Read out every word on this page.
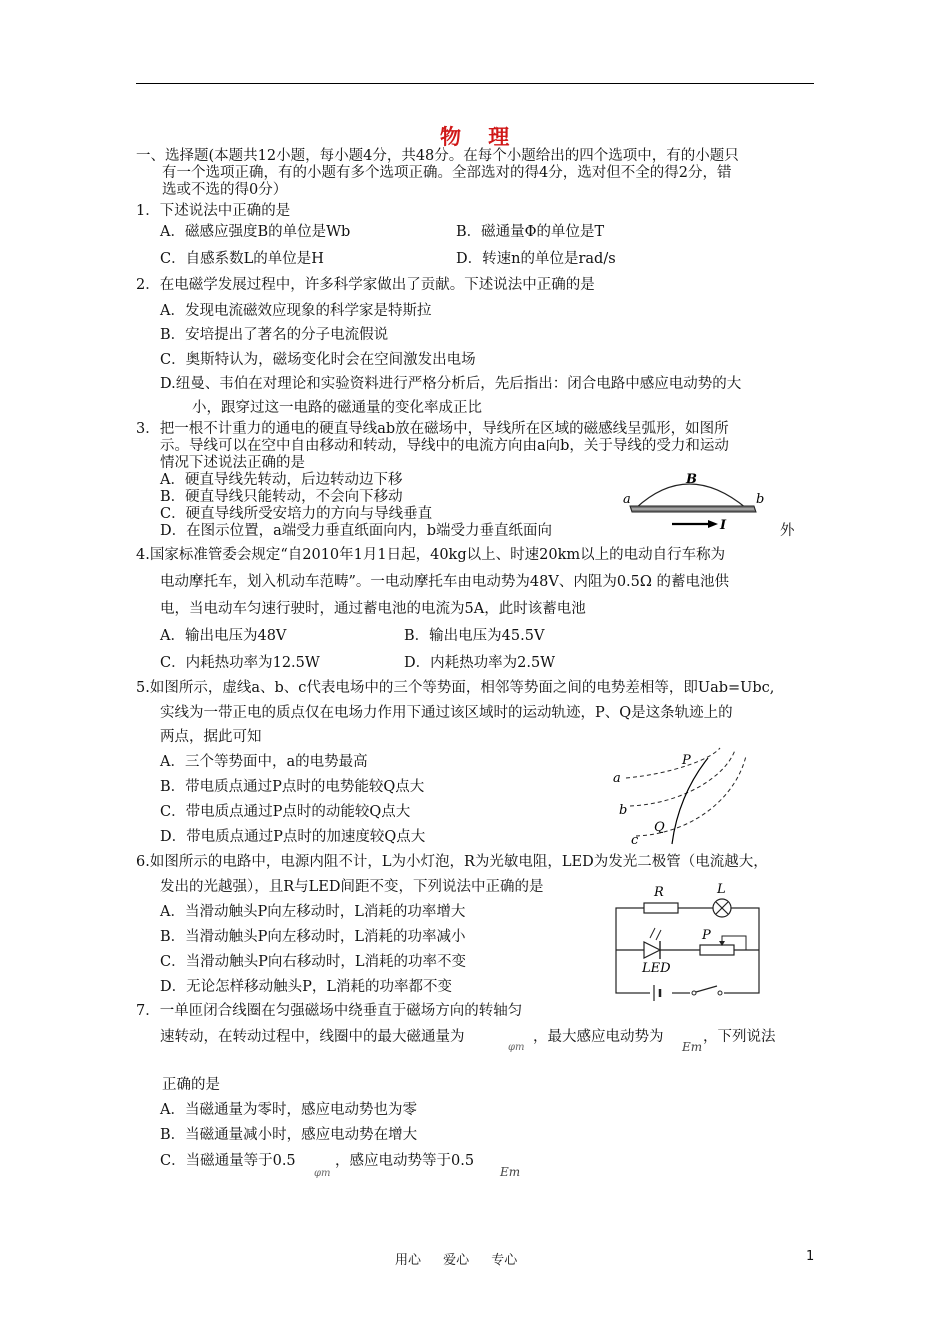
物 理
一、选择题(本题共12小题，每小题4分，共48分。在每个小题给出的四个选项中，有的小题只
有一个选项正确，有的小题有多个选项正确。全部选对的得4分，选对但不全的得2分，错
选或不选的得0分）
1．下述说法中正确的是
A．磁感应强度B的单位是Wb	B．磁通量Φ的单位是T
C．自感系数L的单位是H	D．转速n的单位是rad/s
2．在电磁学发展过程中，许多科学家做出了贡献。下述说法中正确的是
A．发现电流磁效应现象的科学家是特斯拉
B．安培提出了著名的分子电流假说
C．奥斯特认为，磁场变化时会在空间激发出电场
D.纽曼、韦伯在对理论和实验资料进行严格分析后，先后指出：闭合电路中感应电动势的大
小，跟穿过这一电路的磁通量的变化率成正比
3．把一根不计重力的通电的硬直导线ab放在磁场中，导线所在区域的磁感线呈弧形，如图所
示。导线可以在空中自由移动和转动，导线中的电流方向由a向b，关于导线的受力和运动
情况下述说法正确的是
A．硬直导线先转动，后边转动边下移
B．硬直导线只能转动，不会向下移动
C．硬直导线所受安培力的方向与导线垂直
D．在图示位置，a端受力垂直纸面向内，b端受力垂直纸面向	外
a	b
B
I
4.国家标准管委会规定“自2010年1月1日起，40kg以上、时速20km以上的电动自行车称为
电动摩托车，划入机动车范畴”。一电动摩托车由电动势为48V、内阻为0.5Ω 的蓄电池供
电，当电动车匀速行驶时，通过蓄电池的电流为5A，此时该蓄电池
A．输出电压为48V	B．输出电压为45.5V
C．内耗热功率为12.5W	D．内耗热功率为2.5W
5.如图所示，虚线a、b、c代表电场中的三个等势面，相邻等势面之间的电势差相等，即Uab=Ubc,
实线为一带正电的质点仅在电场力作用下通过该区域时的运动轨迹，P、Q是这条轨迹上的
两点，据此可知
A．三个等势面中，a的电势最高
B．带电质点通过P点时的电势能较Q点大
C．带电质点通过P点时的动能较Q点大
D．带电质点通过P点时的加速度较Q点大
a
b
c
P
Q
6.如图所示的电路中，电源内阻不计，L为小灯泡，R为光敏电阻，LED为发光二极管（电流越大，
发出的光越强），且R与LED间距不变，下列说法中正确的是
A．当滑动触头P向左移动时，L消耗的功率增大
B．当滑动触头P向左移动时，L消耗的功率减小
C．当滑动触头P向右移动时，L消耗的功率不变
D．无论怎样移动触头P，L消耗的功率都不变
R	L
P
LED
7．一单匝闭合线圈在匀强磁场中绕垂直于磁场方向的转轴匀
速转动，在转动过程中，线圈中的最大磁通量为
φm
，最大感应电动势为
Em
，下列说法
正确的是
A．当磁通量为零时，感应电动势也为零
B．当磁通量减小时，感应电动势在增大
C．当磁通量等于0.5
φm
，感应电动势等于0.5
Em
用心 爱心 专心	1
